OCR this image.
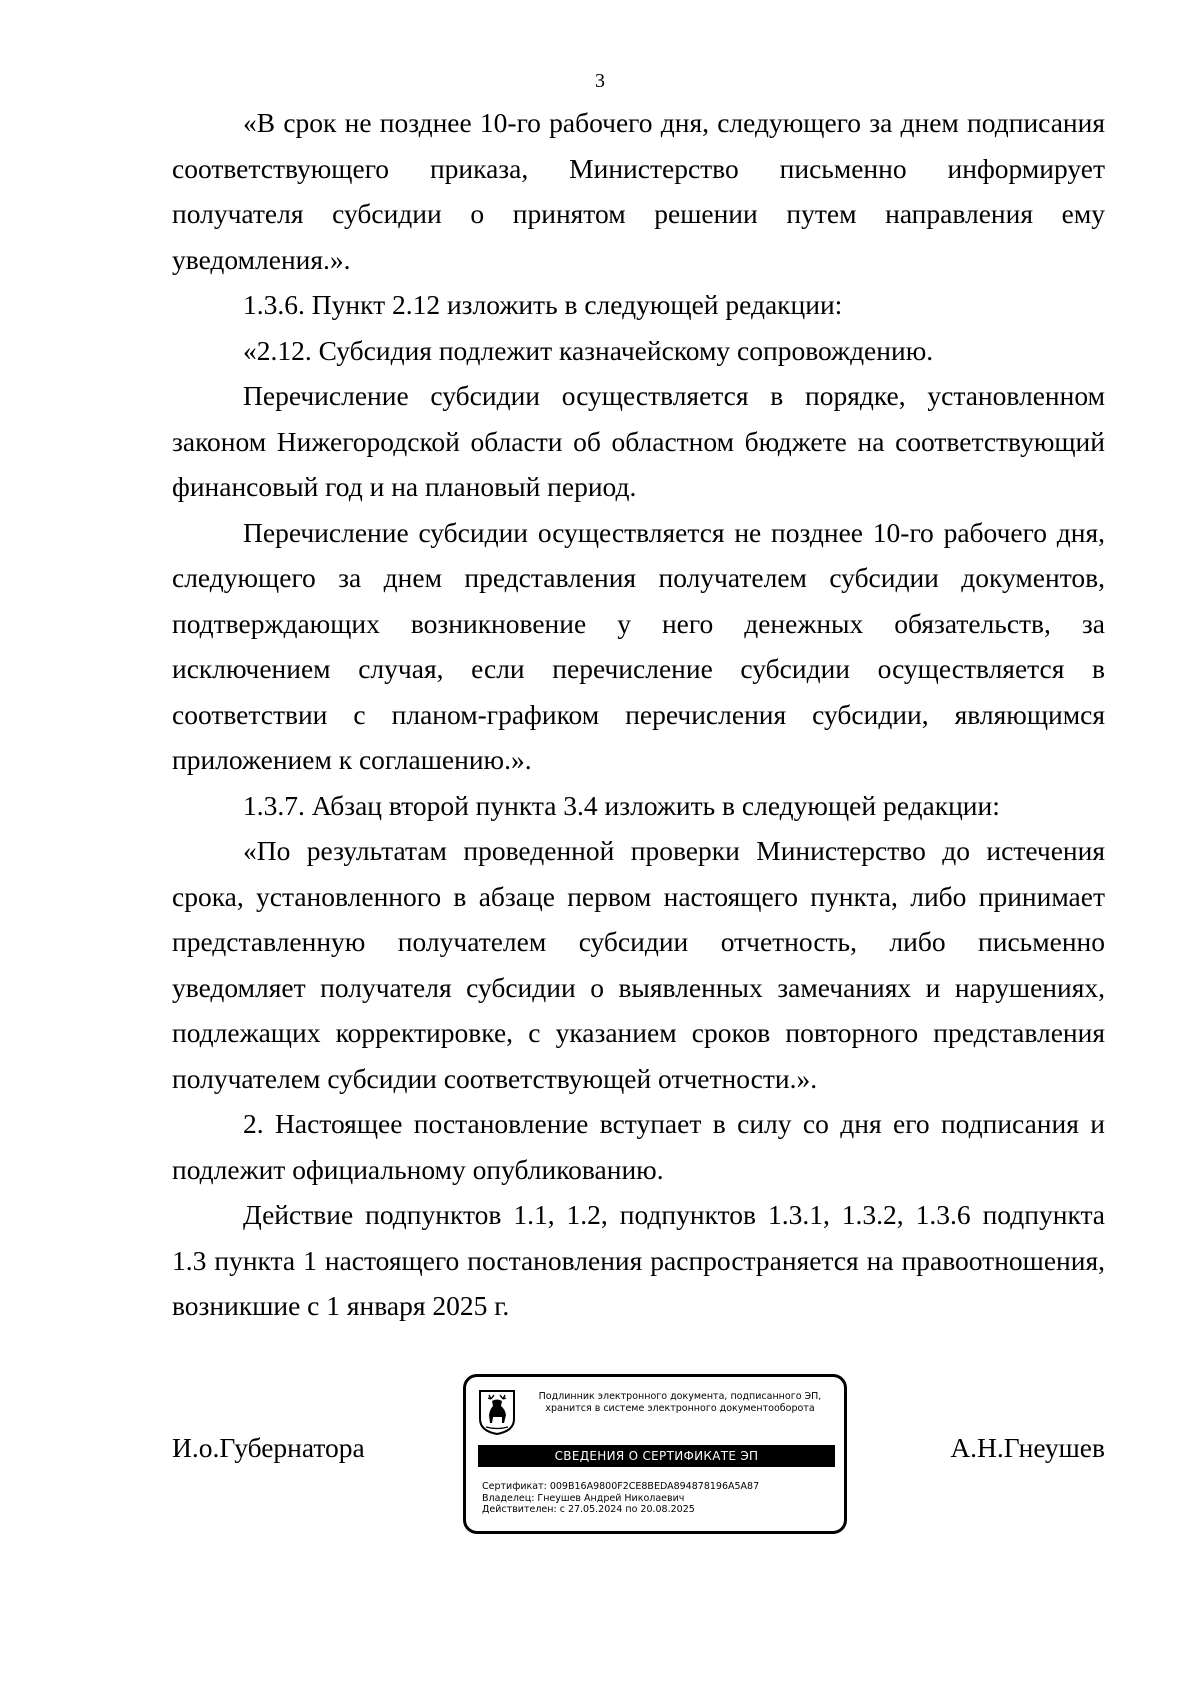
3

«В срок не позднее 10-го рабочего дня, следующего за днем подписания соответствующего приказа, Министерство письменно информирует получателя субсидии о принятом решении путем направления ему уведомления.».

1.3.6. Пункт 2.12 изложить в следующей редакции:

«2.12. Субсидия подлежит казначейскому сопровождению.

Перечисление субсидии осуществляется в порядке, установленном законом Нижегородской области об областном бюджете на соответствующий финансовый год и на плановый период.

Перечисление субсидии осуществляется не позднее 10-го рабочего дня, следующего за днем представления получателем субсидии документов, подтверждающих возникновение у него денежных обязательств, за исключением случая, если перечисление субсидии осуществляется в соответствии с планом-графиком перечисления субсидии, являющимся приложением к соглашению.».

1.3.7. Абзац второй пункта 3.4 изложить в следующей редакции:

«По результатам проведенной проверки Министерство до истечения срока, установленного в абзаце первом настоящего пункта, либо принимает представленную получателем субсидии отчетность, либо письменно уведомляет получателя субсидии о выявленных замечаниях и нарушениях, подлежащих корректировке, с указанием сроков повторного представления получателем субсидии соответствующей отчетности.».

2. Настоящее постановление вступает в силу со дня его подписания и подлежит официальному опубликованию.

Действие подпунктов 1.1, 1.2, подпунктов 1.3.1, 1.3.2, 1.3.6 подпункта 1.3 пункта 1 настоящего постановления распространяется на правоотношения, возникшие с 1 января 2025 г.

И.о.Губернатора	А.Н.Гнеушев
Подлинник электронного документа, подписанного ЭП,
хранится в системе электронного документооборота
СВЕДЕНИЯ О СЕРТИФИКАТЕ ЭП
Сертификат: 009B16A9800F2CE8BEDA894878196A5A87
Владелец: Гнеушев Андрей Николаевич
Действителен: с 27.05.2024 по 20.08.2025
